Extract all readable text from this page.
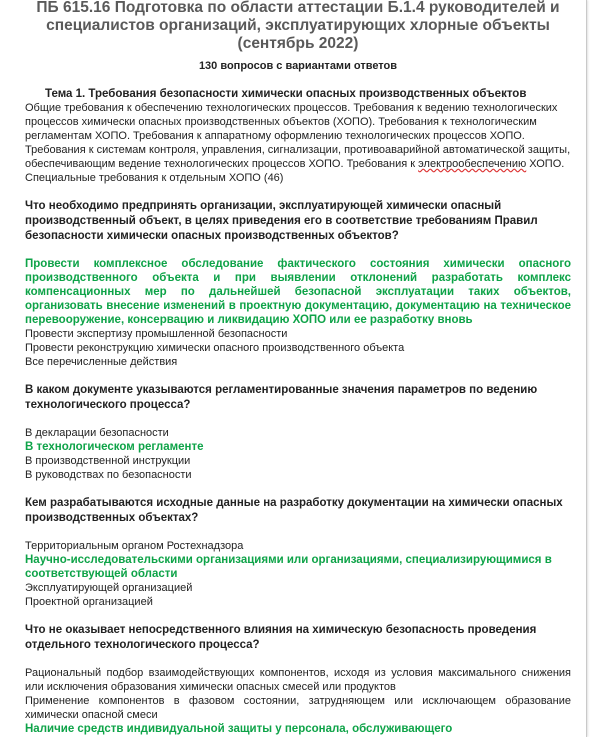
ПБ 615.16 Подготовка по области аттестации Б.1.4 руководителей и специалистов организаций, эксплуатирующих хлорные объекты (сентябрь 2022)
130 вопросов с вариантами ответов
Тема 1. Требования безопасности химически опасных производственных объектов

Общие требования к обеспечению технологических процессов. Требования к ведению технологических процессов химически опасных производственных объектов (ХОПО). Требования к технологическим регламентам ХОПО. Требования к аппаратному оформлению технологических процессов ХОПО. Требования к системам контроля, управления, сигнализации, противоаварийной автоматической защиты, обеспечивающим ведение технологических процессов ХОПО. Требования к электрообеспечению ХОПО. Специальные требования к отдельным ХОПО (46)

Что необходимо предпринять организации, эксплуатирующей химически опасный производственный объект, в целях приведения его в соответствие требованиям Правил безопасности химически опасных производственных объектов?
Провести комплексное обследование фактического состояния химически опасного производственного объекта и при выявлении отклонений разработать комплекс компенсационных мер по дальнейшей безопасной эксплуатации таких объектов, организовать внесение изменений в проектную документацию, документацию на техническое перевооружение, консервацию и ликвидацию ХОПО или ее разработку вновь
Провести экспертизу промышленной безопасности
Провести реконструкцию химически опасного производственного объекта
Все перечисленные действия
В каком документе указываются регламентированные значения параметров по ведению технологического процесса?
В декларации безопасности
В технологическом регламенте
В производственной инструкции
В руководствах по безопасности
Кем разрабатываются исходные данные на разработку документации на химически опасных производственных объектах?
Территориальным органом Ростехнадзора
Научно-исследовательскими организациями или организациями, специализирующимися в соответствующей области
Эксплуатирующей организацией
Проектной организацией
Что не оказывает непосредственного влияния на химическую безопасность проведения отдельного технологического процесса?
Рациональный подбор взаимодействующих компонентов, исходя из условия максимального снижения или исключения образования химически опасных смесей или продуктов
Применение компонентов в фазовом состоянии, затрудняющем или исключающем образование химически опасной смеси
Наличие средств индивидуальной защиты у персонала, обслуживающего
